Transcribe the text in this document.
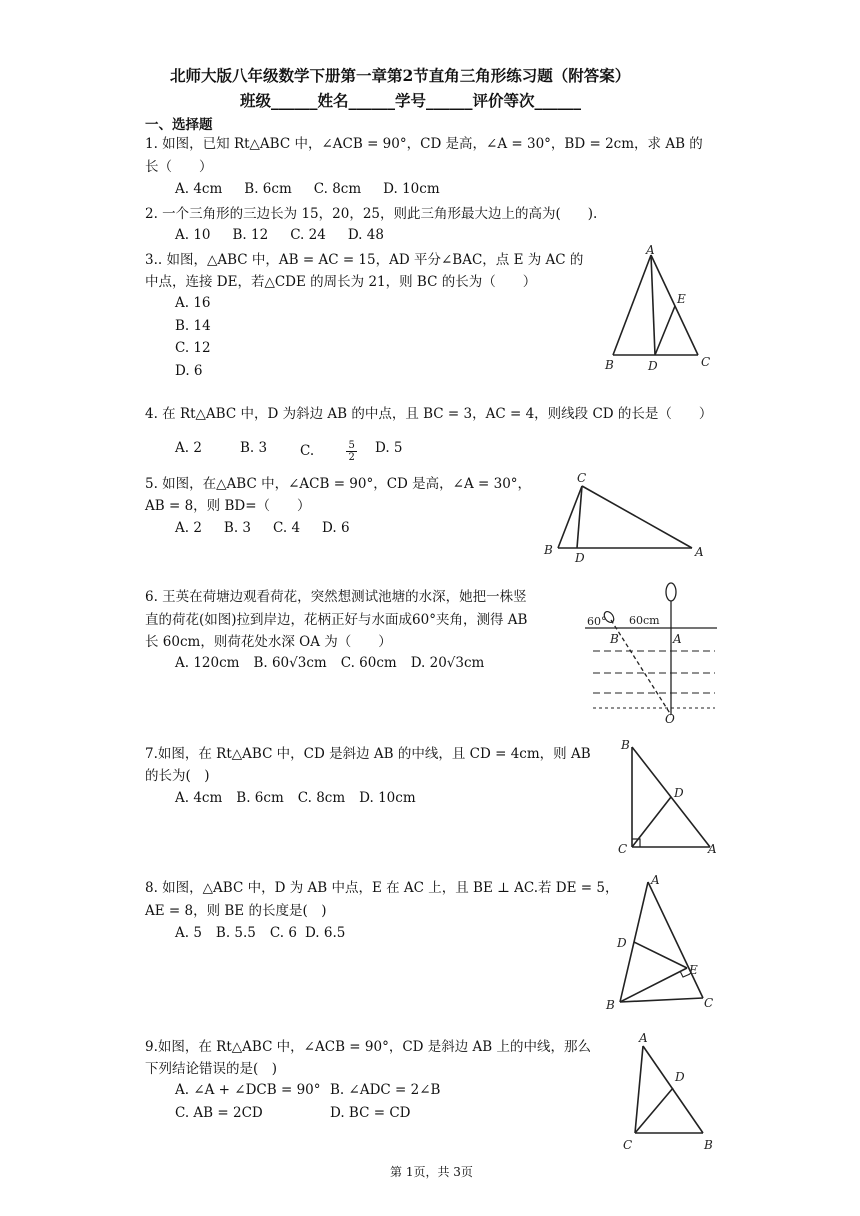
北师大版八年级数学下册第一章第2节直角三角形练习题（附答案）
班级______姓名______学号______评价等次______
一、选择题
1. 如图，已知 Rt△ABC 中，∠ACB = 90°，CD 是高，∠A = 30°，BD = 2cm，求 AB 的
长（　　）
A. 4cm B. 6cm C. 8cm D. 10cm
2. 一个三角形的三边长为 15，20，25，则此三角形最大边上的高为(　　).
A. 10 B. 12 C. 24 D. 48
3.. 如图，△ABC 中，AB = AC = 15，AD 平分∠BAC，点 E 为 AC 的
中点，连接 DE，若△CDE 的周长为 21，则 BC 的长为（　　）
A. 16
B. 14
C. 12
D. 6
A
E
B	D	C
4. 在 Rt△ABC 中，D 为斜边 AB 的中点，且 BC = 3，AC = 4，则线段 CD 的长是（　　）
A. 2	B. 3 C.	$\frac{5}{2}$
D. 5
5. 如图，在△ABC 中，∠ACB = 90°，CD 是高，∠A = 30°，
AB = 8，则 BD=（　　）
A. 2 B. 3 C. 4 D. 6
C
B
D	A
6. 王英在荷塘边观看荷花，突然想测试池塘的水深，她把一株竖
直的荷花(如图)拉到岸边，花柄正好与水面成60°夹角，测得 AB
长 60cm，则荷花处水深 OA 为（　　）
A. 120cm B. 60√3cm C. 60cm D. 20√3cm
60° 60cm
B	A
O
7.如图，在 Rt△ABC 中，CD 是斜边 AB 的中线，且 CD = 4cm，则 AB
的长为(　)
A. 4cm B. 6cm C. 8cm D. 10cm
B
D
C	A
8. 如图，△ABC 中，D 为 AB 中点，E 在 AC 上，且 BE ⊥ AC.若 DE = 5，
AE = 8，则 BE 的长度是(　)
A. 5 B. 5.5 C. 6 D. 6.5
A
D
E
B	C
9.如图，在 Rt△ABC 中，∠ACB = 90°，CD 是斜边 AB 上的中线，那么
下列结论错误的是(　)
A. ∠A + ∠DCB = 90° B. ∠ADC = 2∠B
C. AB = 2CD	D. BC = CD
A
D
C	B
第 1页，共 3页
